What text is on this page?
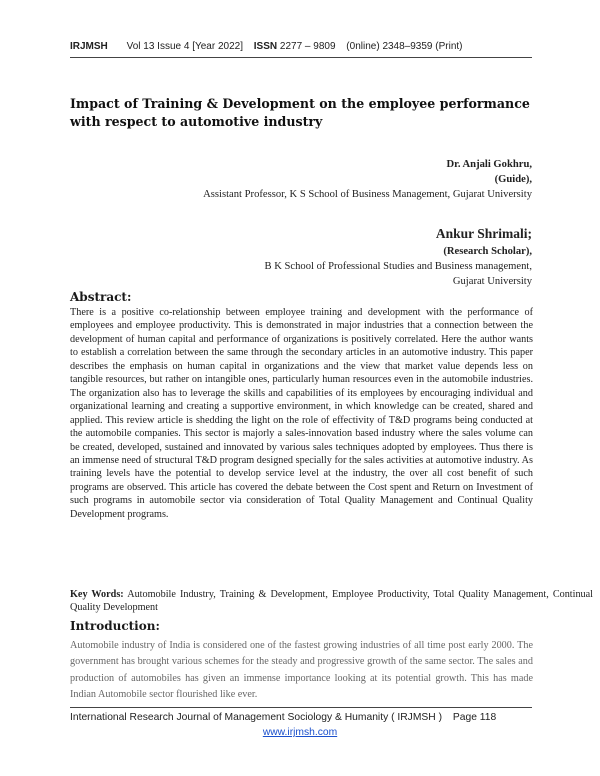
IRJMSH Vol 13 Issue 4 [Year 2022] ISSN 2277 – 9809 (0nline) 2348–9359 (Print)
Impact of Training & Development on the employee performance with respect to automotive industry
Dr. Anjali Gokhru,
(Guide),
Assistant Professor, K S School of Business Management, Gujarat University
Ankur Shrimali;
(Research Scholar),
B K School of Professional Studies and Business management,
Gujarat University
Abstract:
There is a positive co-relationship between employee training and development with the performance of employees and employee productivity. This is demonstrated in major industries that a connection between the development of human capital and performance of organizations is positively correlated. Here the author wants to establish a correlation between the same through the secondary articles in an automotive industry. This paper describes the emphasis on human capital in organizations and the view that market value depends less on tangible resources, but rather on intangible ones, particularly human resources even in the automobile industries. The organization also has to leverage the skills and capabilities of its employees by encouraging individual and organizational learning and creating a supportive environment, in which knowledge can be created, shared and applied. This review article is shedding the light on the role of effectivity of T&D programs being conducted at the automobile companies. This sector is majorly a sales-innovation based industry where the sales volume can be created, developed, sustained and innovated by various sales techniques adopted by employees. Thus there is an immense need of structural T&D program designed specially for the sales activities at automotive industry. As training levels have the potential to develop service level at the industry, the over all cost benefit of such programs are observed. This article has covered the debate between the Cost spent and Return on Investment of such programs in automobile sector via consideration of Total Quality Management and Continual Quality Development programs.
Key Words: Automobile Industry, Training & Development, Employee Productivity, Total Quality Management, Continual Quality Development
Introduction:
Automobile industry of India is considered one of the fastest growing industries of all time post early 2000. The government has brought various schemes for the steady and progressive growth of the same sector. The sales and production of automobiles has given an immense importance looking at its potential growth. This has made Indian Automobile sector flourished like ever.
International Research Journal of Management Sociology & Humanity ( IRJMSH ) Page 118
www.irjmsh.com
